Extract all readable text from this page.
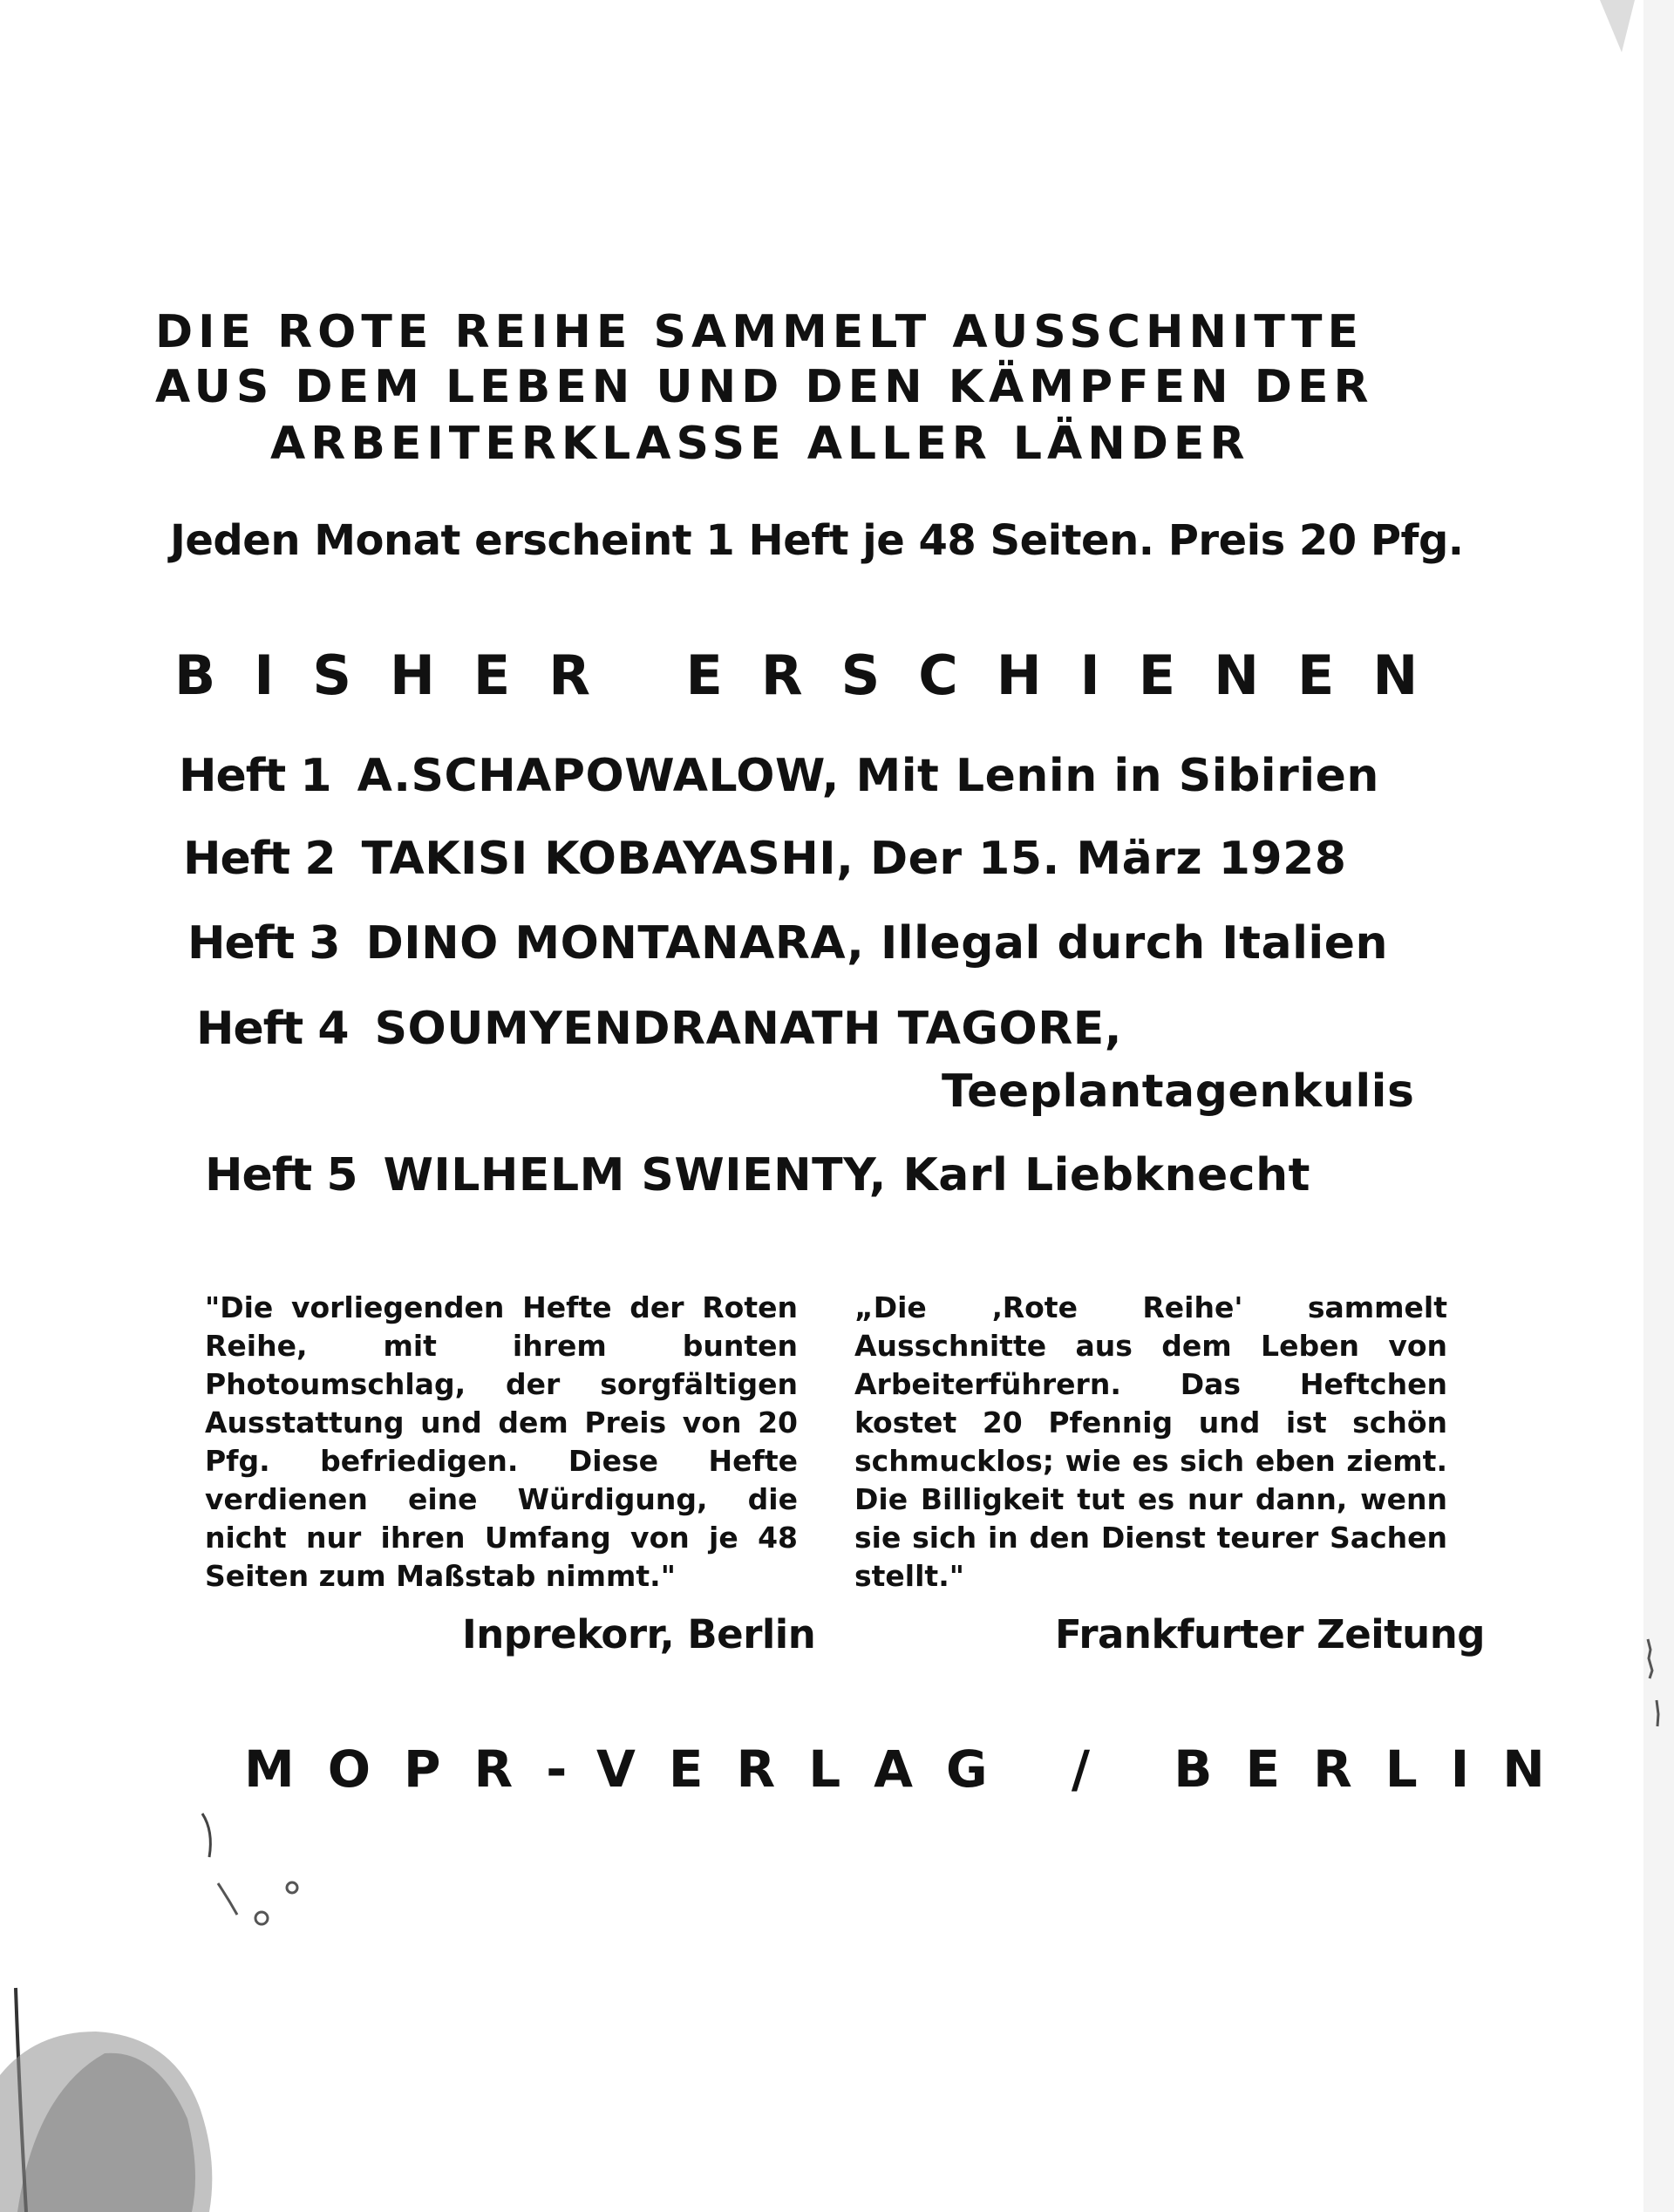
DIE ROTE REIHE SAMMELT AUSSCHNITTE
AUS DEM LEBEN UND DEN KÄMPFEN DER
ARBEITERKLASSE ALLER LÄNDER
Jeden Monat erscheint 1 Heft je 48 Seiten. Preis 20 Pfg.
BISHER ERSCHIENEN
Heft 1 A.SCHAPOWALOW, Mit Lenin in Sibirien
Heft 2 TAKISI KOBAYASHI, Der 15. März 1928
Heft 3 DINO MONTANARA, Illegal durch Italien
Heft 4 SOUMYENDRANATH TAGORE,
Teeplantagenkulis
Heft 5 WILHELM SWIENTY, Karl Liebknecht
"Die vorliegenden Hefte der Roten Reihe, mit ihrem bunten Photoumschlag, der sorgfältigen Ausstattung und dem Preis von 20 Pfg. befriedigen. Diese Hefte verdienen eine Würdigung, die nicht nur ihren Umfang von je 48 Seiten zum Maßstab nimmt."
„Die ‚Rote Reihe' sammelt Ausschnitte aus dem Leben von Arbeiterführern. Das Heftchen kostet 20 Pfennig und ist schön schmucklos; wie es sich eben ziemt. Die Billigkeit tut es nur dann, wenn sie sich in den Dienst teurer Sachen stellt."
Inprekorr, Berlin	Frankfurter Zeitung
MOPR-VERLAG / BERLIN
